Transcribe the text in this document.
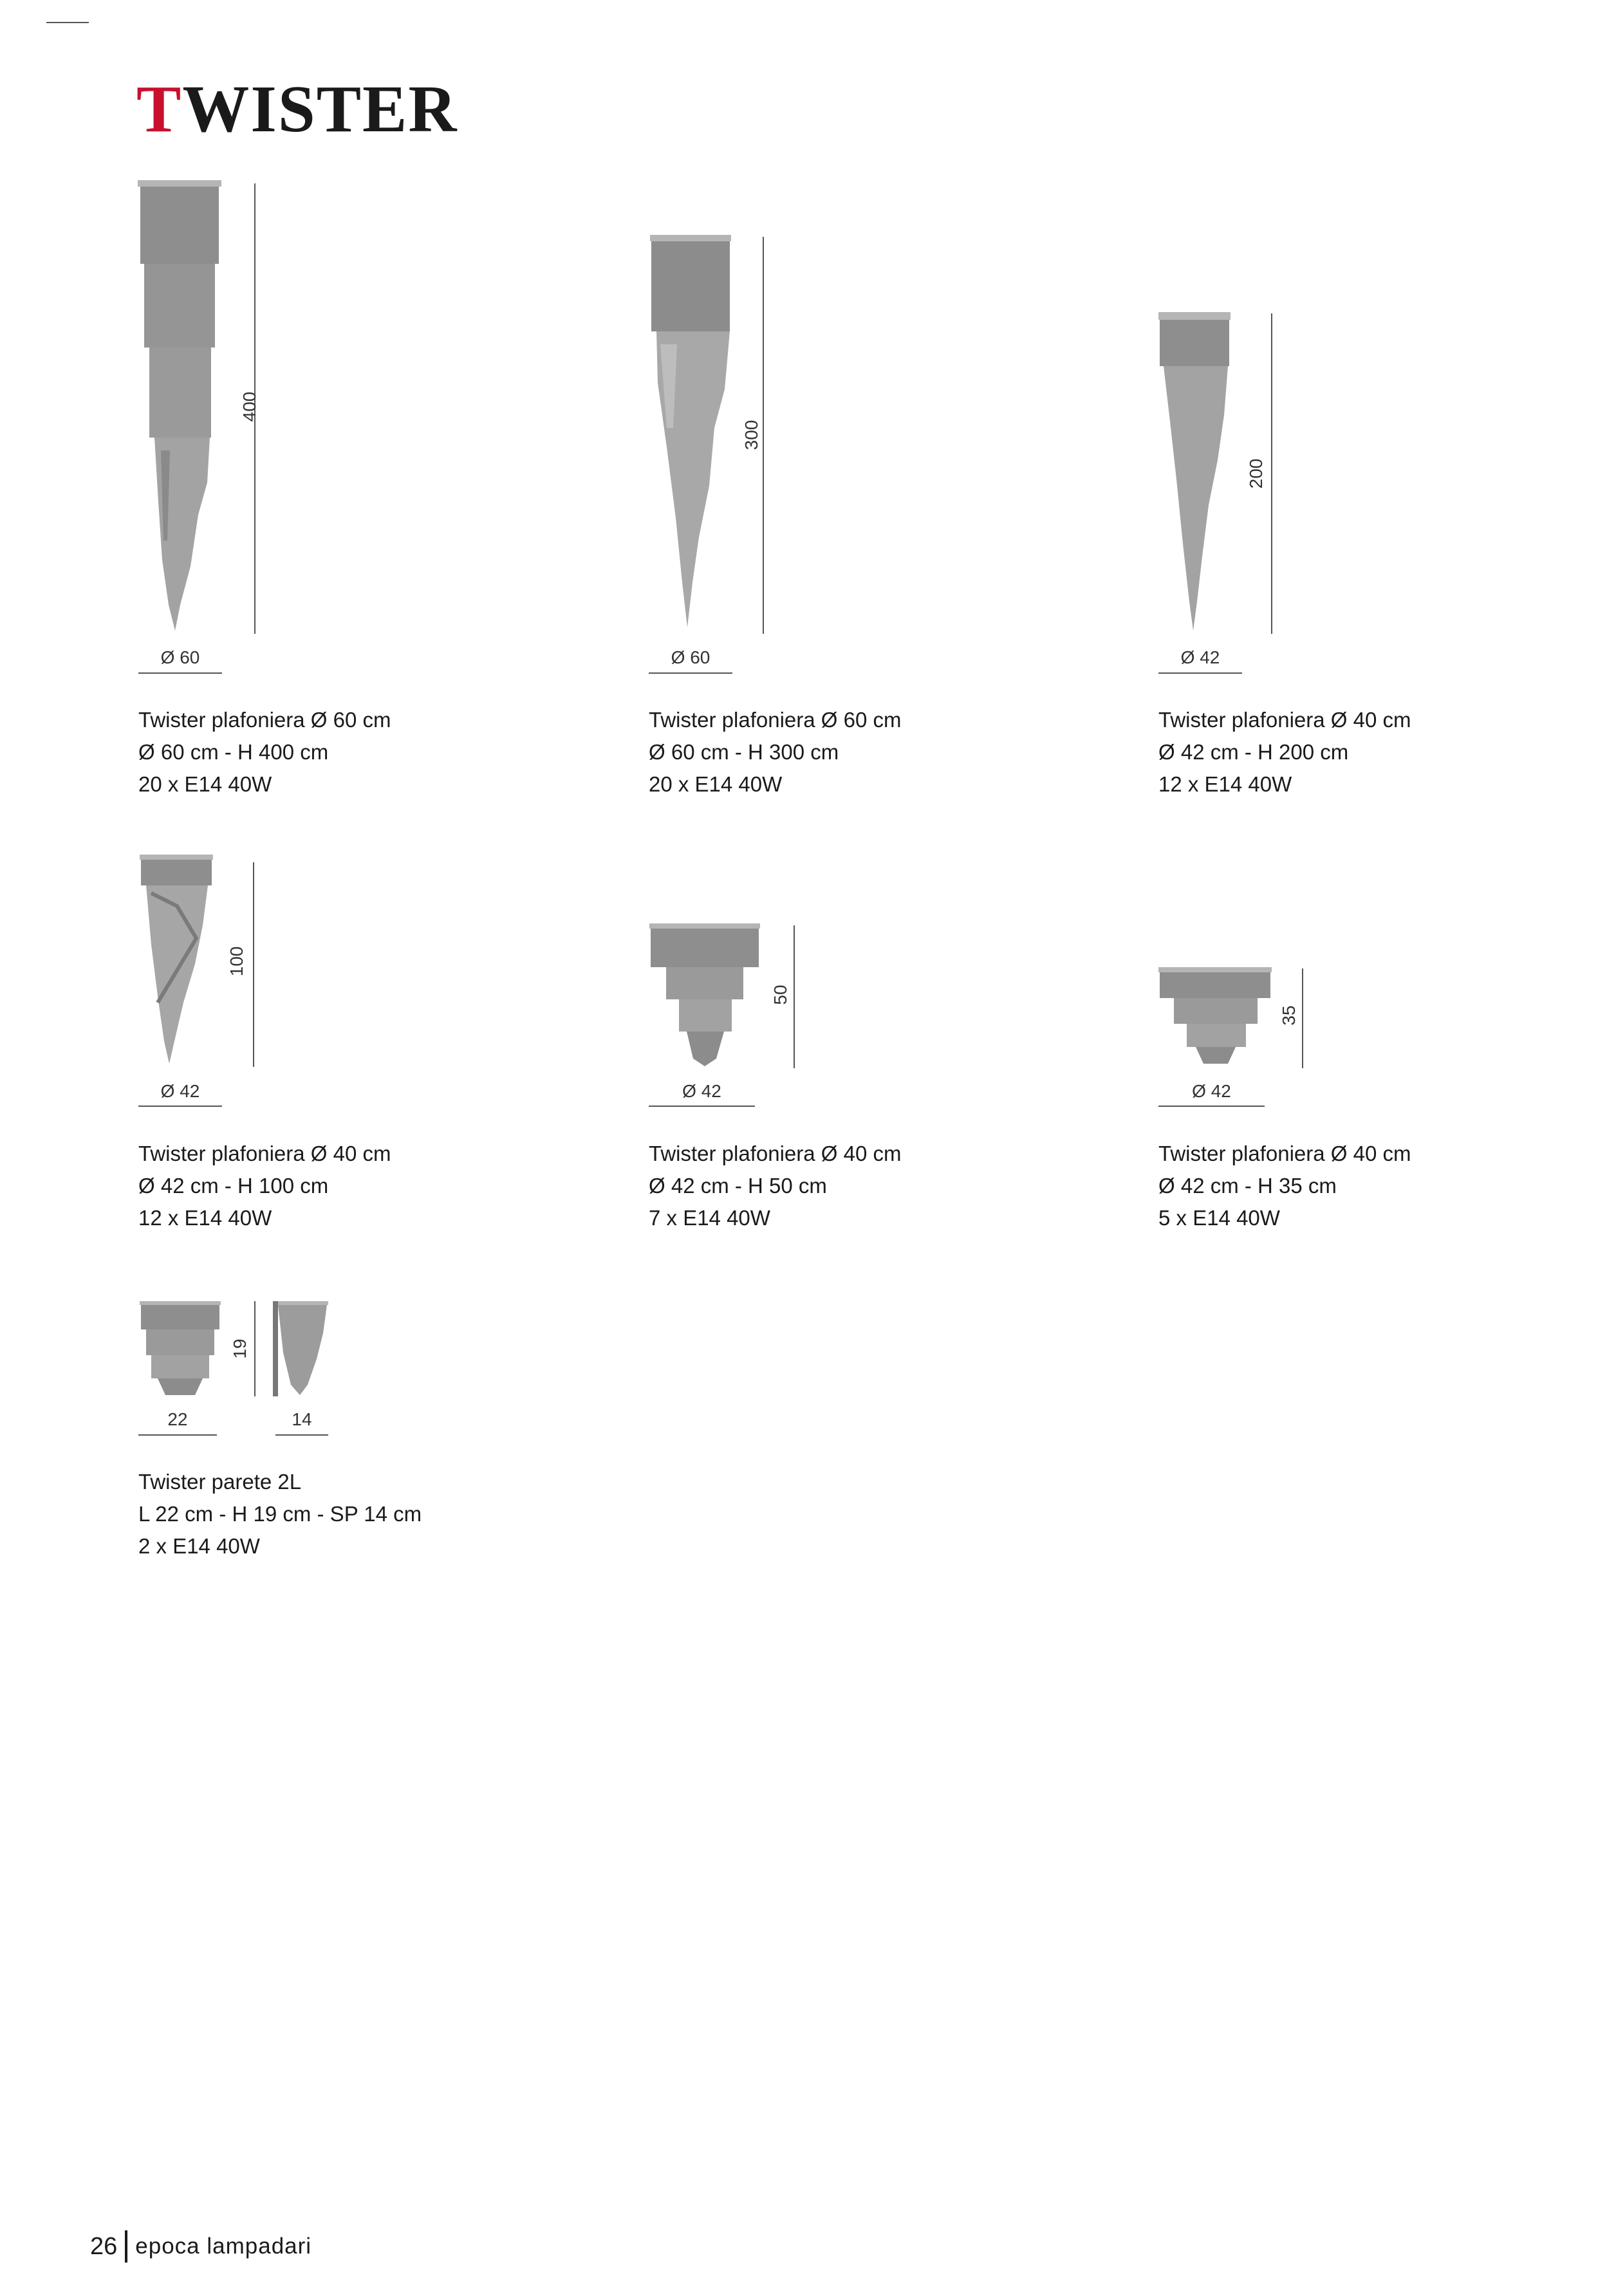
TWISTER
400
Ø 60
Twister plafoniera Ø 60 cm
Ø 60 cm - H 400 cm
20 x E14 40W
300
Ø 60
Twister plafoniera Ø 60 cm
Ø 60 cm - H 300 cm
20 x E14 40W
200
Ø 42
Twister plafoniera Ø 40 cm
Ø 42 cm - H 200 cm
12 x E14 40W
100
Ø 42
Twister plafoniera Ø 40 cm
Ø 42 cm - H 100 cm
12 x E14 40W
50
Ø 42
Twister plafoniera Ø 40 cm
Ø 42 cm - H 50 cm
7 x E14 40W
35
Ø 42
Twister plafoniera Ø 40 cm
Ø 42 cm - H 35 cm
5 x E14 40W
19
22	14
Twister parete 2L
L 22 cm - H 19 cm - SP 14 cm
2 x E14 40W
26 epoca lampadari
